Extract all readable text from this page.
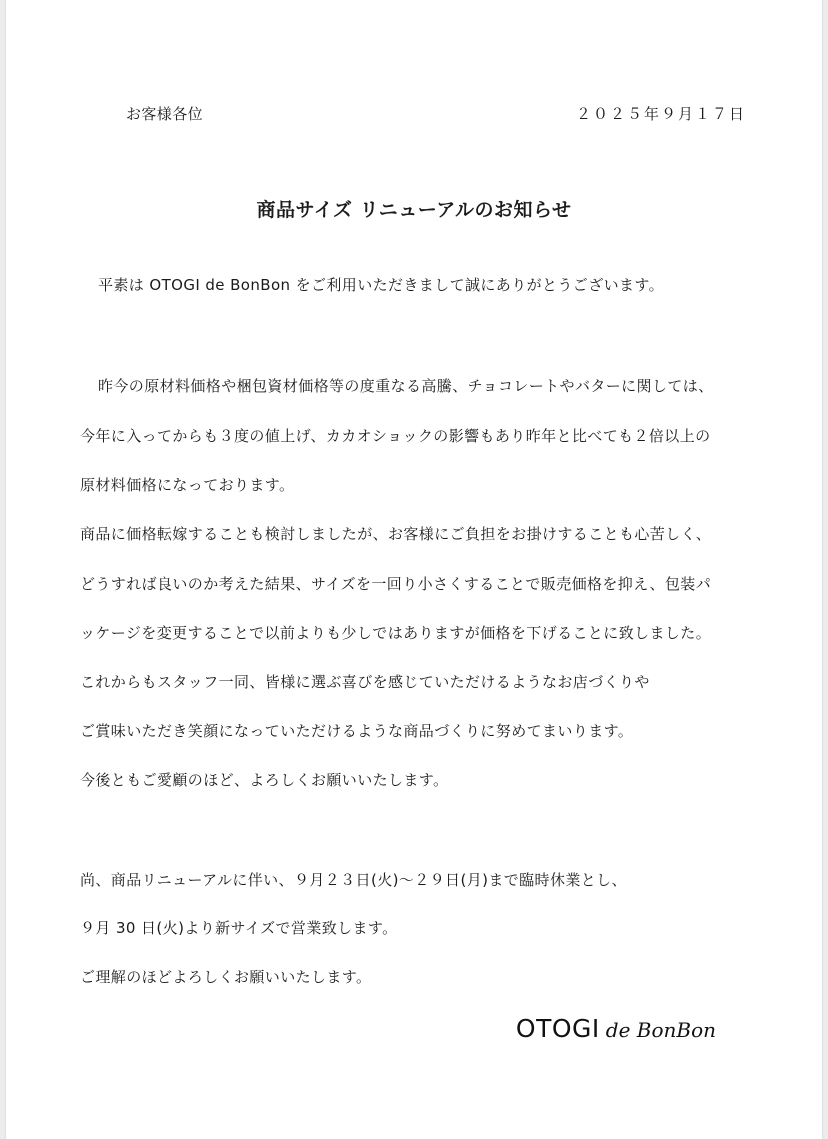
お客様各位	２０２５年９月１７日
商品サイズ リニューアルのお知らせ
平素は OTOGI de BonBon をご利用いただきまして誠にありがとうございます。
昨今の原材料価格や梱包資材価格等の度重なる高騰、チョコレートやバターに関しては、
今年に入ってからも３度の値上げ、カカオショックの影響もあり昨年と比べても２倍以上の
原材料価格になっております。
商品に価格転嫁することも検討しましたが、お客様にご負担をお掛けすることも心苦しく、
どうすれば良いのか考えた結果、サイズを一回り小さくすることで販売価格を抑え、包装パ
ッケージを変更することで以前よりも少しではありますが価格を下げることに致しました。
これからもスタッフ一同、皆様に選ぶ喜びを感じていただけるようなお店づくりや
ご賞味いただき笑顔になっていただけるような商品づくりに努めてまいります。
今後ともご愛顧のほど、よろしくお願いいたします。
尚、商品リニューアルに伴い、９月２３日(火)～２９日(月)まで臨時休業とし、
９月 30 日(火)より新サイズで営業致します。
ご理解のほどよろしくお願いいたします。
OTOGI de BonBon
